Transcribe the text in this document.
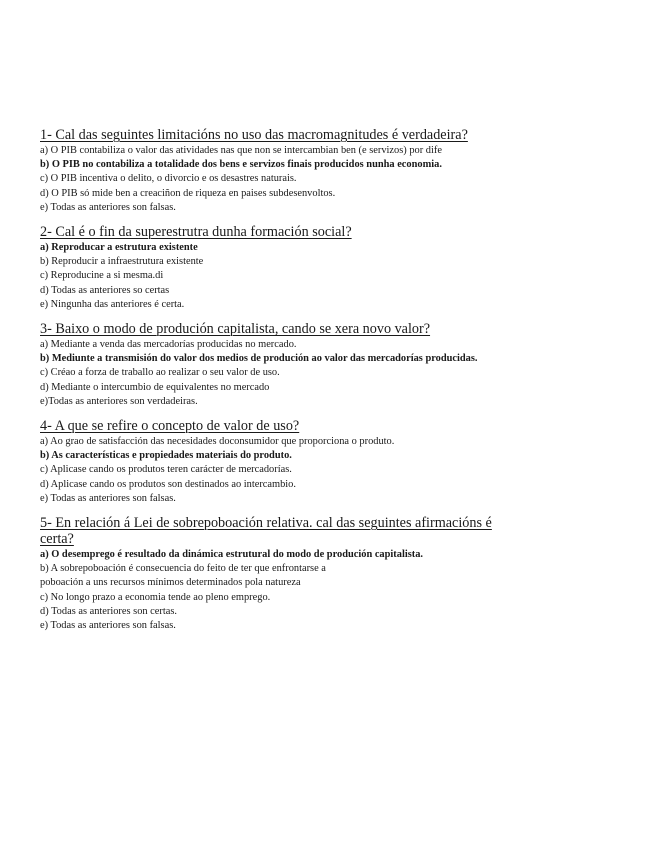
1- Cal das seguintes limitacións no uso das macromagnitudes é verdadeira?
a) O PIB contabiliza o valor das atividades nas que non se intercambian ben (e servizos) por dife
b) O PIB no contabiliza a totalidade dos bens e servizos finais producidos nunha economia.
c) O PIB incentiva o delito, o divorcio e os desastres naturais.
d) O PIB só mide ben a creaciñon de riqueza en paises subdesenvoltos.
e) Todas as anteriores son falsas.
2- Cal é o fin da superestrutra dunha formación social?
a) Reproducar a estrutura existente
b) Reproducir a infraestrutura existente
c) Reproducine a si mesma.di
d) Todas as anteriores so certas
e) Ningunha das anteriores é certa.
3- Baixo o modo de produción capitalista, cando se xera novo valor?
a) Mediante a venda das mercadorías producidas no mercado.
b) Mediunte a transmisión do valor dos medios de produción ao valor das mercadorías producidas.
c) Créao a forza de traballo ao realizar o seu valor de uso.
d) Mediante o intercumbio de equivalentes no mercado
e)Todas as anteriores son verdadeiras.
4- A que se refire o concepto de valor de uso?
a) Ao grao de satisfacción das necesidades doconsumidor que proporciona o produto.
b) As características e propiedades materiais do produto.
c) Aplicase cando os produtos teren carácter de mercadorías.
d) Aplicase cando os produtos son destinados ao intercambio.
e) Todas as anteriores son falsas.
5- En relación á Lei de sobrepoboación relativa. cal das seguintes afirmacións é certa?
a) O desemprego é resultado da dinámica estrutural do modo de produción capitalista.
b) A sobrepoboación é consecuencia do feito de ter que enfrontarse a
poboación a uns recursos mínimos determinados pola natureza
c) No longo prazo a economia tende ao pleno emprego.
d) Todas as anteriores son certas.
e) Todas as anteriores son falsas.
